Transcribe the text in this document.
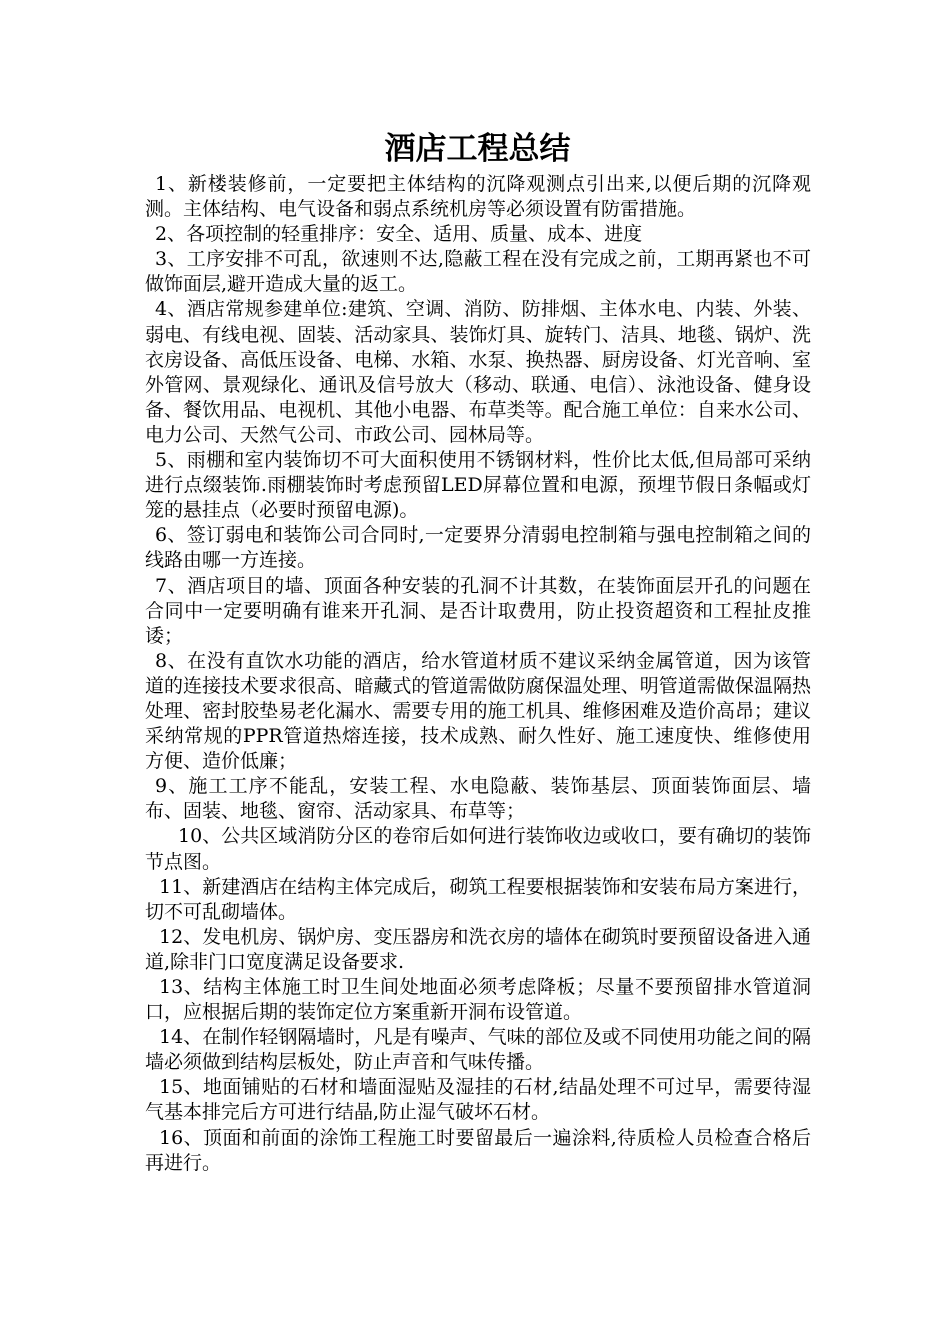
酒店工程总结

1、新楼装修前，一定要把主体结构的沉降观测点引出来,以便后期的沉降观测。主体结构、电气设备和弱点系统机房等必须设置有防雷措施。

2、各项控制的轻重排序：安全、适用、质量、成本、进度

3、工序安排不可乱，欲速则不达,隐蔽工程在没有完成之前，工期再紧也不可做饰面层,避开造成大量的返工。

4、酒店常规参建单位:建筑、空调、消防、防排烟、主体水电、内装、外装、弱电、有线电视、固装、活动家具、装饰灯具、旋转门、洁具、地毯、锅炉、洗衣房设备、高低压设备、电梯、水箱、水泵、换热器、厨房设备、灯光音响、室外管网、景观绿化、通讯及信号放大（移动、联通、电信）、泳池设备、健身设备、餐饮用品、电视机、其他小电器、布草类等。配合施工单位：自来水公司、电力公司、天然气公司、市政公司、园林局等。

5、雨棚和室内装饰切不可大面积使用不锈钢材料，性价比太低,但局部可采纳进行点缀装饰.雨棚装饰时考虑预留LED屏幕位置和电源，预埋节假日条幅或灯笼的悬挂点（必要时预留电源)。

6、签订弱电和装饰公司合同时,一定要界分清弱电控制箱与强电控制箱之间的线路由哪一方连接。

7、酒店项目的墙、顶面各种安装的孔洞不计其数，在装饰面层开孔的问题在合同中一定要明确有谁来开孔洞、是否计取费用，防止投资超资和工程扯皮推诿；

8、在没有直饮水功能的酒店，给水管道材质不建议采纳金属管道，因为该管道的连接技术要求很高、暗藏式的管道需做防腐保温处理、明管道需做保温隔热处理、密封胶垫易老化漏水、需要专用的施工机具、维修困难及造价高昂；建议采纳常规的PPR管道热熔连接，技术成熟、耐久性好、施工速度快、维修使用方便、造价低廉；

9、施工工序不能乱，安装工程、水电隐蔽、装饰基层、顶面装饰面层、墙布、固装、地毯、窗帘、活动家具、布草等；

10、公共区域消防分区的卷帘后如何进行装饰收边或收口，要有确切的装饰节点图。

11、新建酒店在结构主体完成后，砌筑工程要根据装饰和安装布局方案进行，切不可乱砌墙体。

12、发电机房、锅炉房、变压器房和洗衣房的墙体在砌筑时要预留设备进入通道,除非门口宽度满足设备要求.

13、结构主体施工时卫生间处地面必须考虑降板；尽量不要预留排水管道洞口，应根据后期的装饰定位方案重新开洞布设管道。

14、在制作轻钢隔墙时，凡是有噪声、气味的部位及或不同使用功能之间的隔墙必须做到结构层板处，防止声音和气味传播。

15、地面铺贴的石材和墙面湿贴及湿挂的石材,结晶处理不可过早，需要待湿气基本排完后方可进行结晶,防止湿气破坏石材。

16、顶面和前面的涂饰工程施工时要留最后一遍涂料,待质检人员检查合格后再进行。
